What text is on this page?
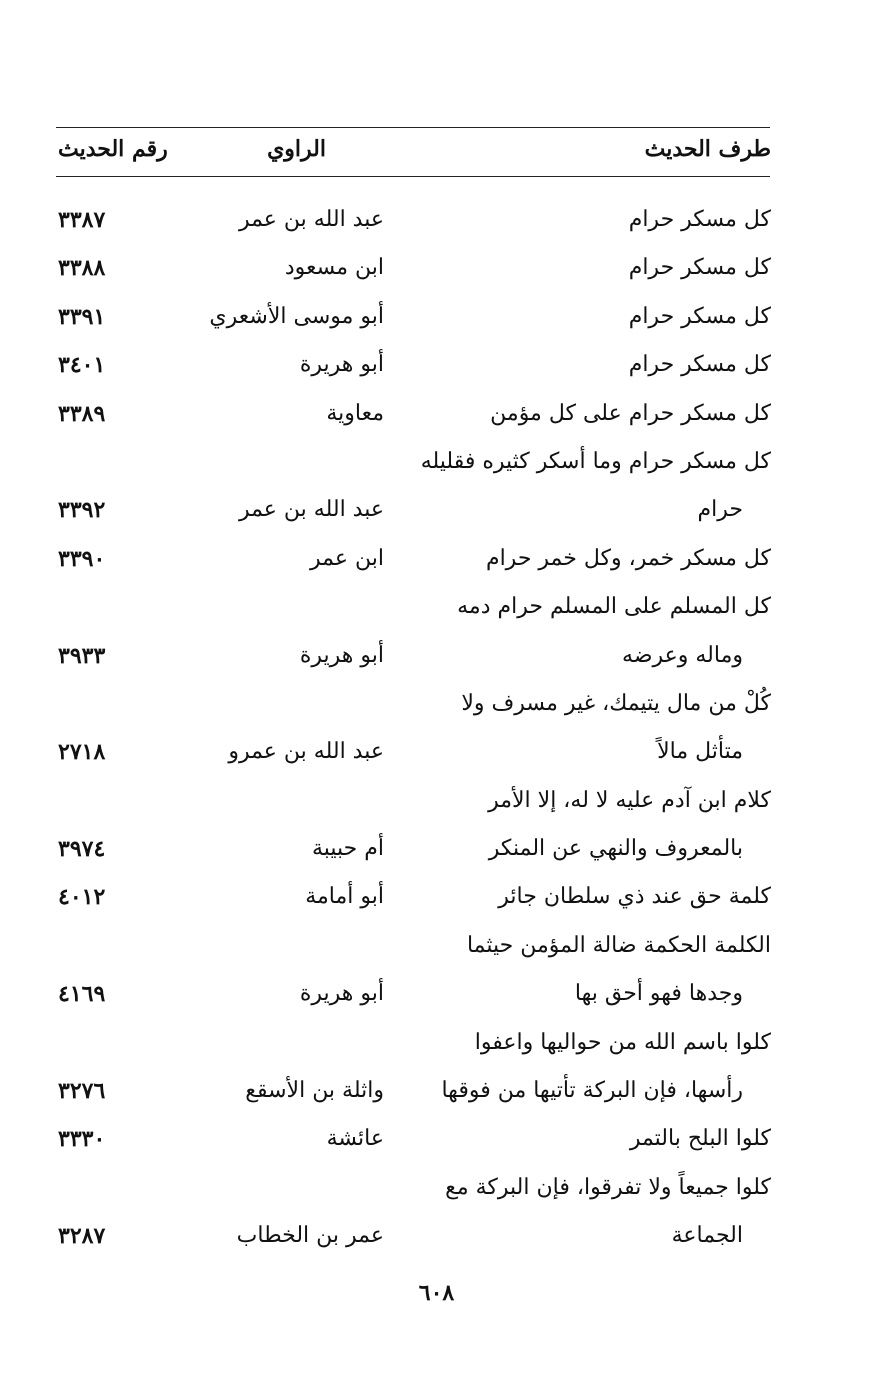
طرف الحديث
الراوي
رقم الحديث
كل مسكر حرام
كل مسكر حرام
كل مسكر حرام
كل مسكر حرام
كل مسكر حرام على كل مؤمن
كل مسكر حرام وما أسكر كثيره فقليله
حرام
كل مسكر خمر، وكل خمر حرام
كل المسلم على المسلم حرام دمه
وماله وعرضه
كُلْ من مال يتيمك، غير مسرف ولا
متأثل مالاً
كلام ابن آدم عليه لا له، إلا الأمر
بالمعروف والنهي عن المنكر
كلمة حق عند ذي سلطان جائر
الكلمة الحكمة ضالة المؤمن حيثما
وجدها فهو أحق بها
كلوا باسم الله من حواليها واعفوا
رأسها، فإن البركة تأتيها من فوقها
كلوا البلح بالتمر
كلوا جميعاً ولا تفرقوا، فإن البركة مع
الجماعة
عبد الله بن عمر
ابن مسعود
أبو موسى الأشعري
أبو هريرة
معاوية
عبد الله بن عمر
ابن عمر
أبو هريرة
عبد الله بن عمرو
أم حبيبة
أبو أمامة
أبو هريرة
واثلة بن الأسقع
عائشة
عمر بن الخطاب
٣٣٨٧
٣٣٨٨
٣٣٩١
٣٤٠١
٣٣٨٩
٣٣٩٢
٣٣٩٠
٣٩٣٣
٢٧١٨
٣٩٧٤
٤٠١٢
٤١٦٩
٣٢٧٦
٣٣٣٠
٣٢٨٧
٦٠٨
